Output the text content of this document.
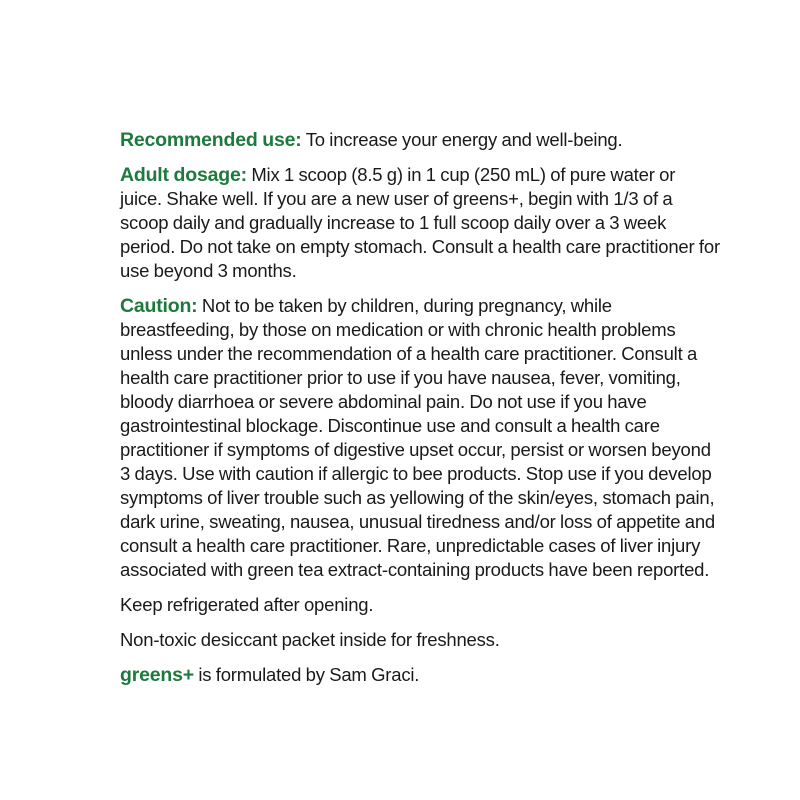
Recommended use: To increase your energy and well-being.

Adult dosage: Mix 1 scoop (8.5 g) in 1 cup (250 mL) of pure water or juice. Shake well. If you are a new user of greens+, begin with 1/3 of a scoop daily and gradually increase to 1 full scoop daily over a 3 week period. Do not take on empty stomach. Consult a health care practitioner for use beyond 3 months.

Caution: Not to be taken by children, during pregnancy, while breastfeeding, by those on medication or with chronic health problems unless under the recommendation of a health care practitioner. Consult a health care practitioner prior to use if you have nausea, fever, vomiting, bloody diarrhoea or severe abdominal pain. Do not use if you have gastrointestinal blockage. Discontinue use and consult a health care practitioner if symptoms of digestive upset occur, persist or worsen beyond 3 days. Use with caution if allergic to bee products. Stop use if you develop symptoms of liver trouble such as yellowing of the skin/eyes, stomach pain, dark urine, sweating, nausea, unusual tiredness and/or loss of appetite and consult a health care practitioner. Rare, unpredictable cases of liver injury associated with green tea extract-containing products have been reported.

Keep refrigerated after opening.

Non-toxic desiccant packet inside for freshness.

greens+ is formulated by Sam Graci.
